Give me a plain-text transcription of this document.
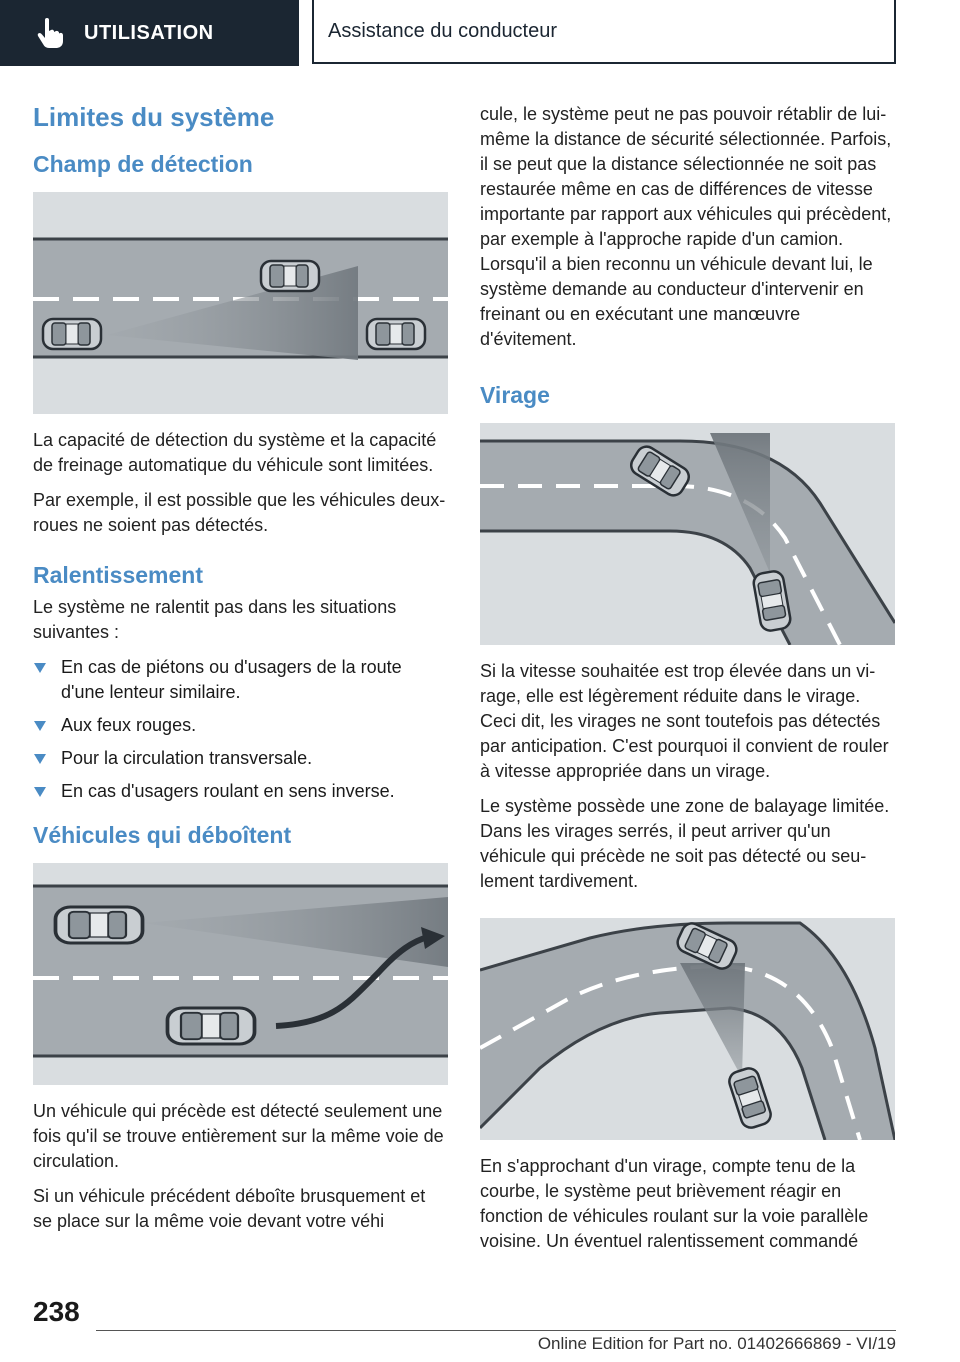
UTILISATION	Assistance du conducteur
Limites du système
Champ de détection

La capacité de détection du système et la capacité de freinage automatique du véhicule sont limitées.

Par exemple, il est possible que les véhicules deux-roues ne soient pas détectés.

Ralentissement

Le système ne ralentit pas dans les situations suivantes :

En cas de piétons ou d'usagers de la route d'une lenteur similaire.
Aux feux rouges.
Pour la circulation transversale.
En cas d'usagers roulant en sens inverse.
Véhicules qui déboîtent

Un véhicule qui précède est détecté seulement une fois qu'il se trouve entièrement sur la même voie de circulation.

Si un véhicule précédent déboîte brusquement et se place sur la même voie devant votre véhi

cule, le système peut ne pas pouvoir rétablir de lui-même la distance de sécurité sélectionnée. Parfois, il se peut que la distance sélectionnée ne soit pas restaurée même en cas de différences de vitesse importante par rapport aux véhicules qui précèdent, par exemple à l'approche rapide d'un camion. Lorsqu'il a bien reconnu un véhicule devant lui, le système demande au conducteur d'intervenir en freinant ou en exécutant une manœuvre d'évitement.

Virage

Si la vitesse souhaitée est trop élevée dans un virage, elle est légèrement réduite dans le virage. Ceci dit, les virages ne sont toutefois pas détectés par anticipation. C'est pourquoi il convient de rouler à vitesse appropriée dans un virage.

Le système possède une zone de balayage limitée. Dans les virages serrés, il peut arriver qu'un véhicule qui précède ne soit pas détecté ou seulement tardivement.

En s'approchant d'un virage, compte tenu de la courbe, le système peut brièvement réagir en fonction de véhicules roulant sur la voie parallèle voisine. Un éventuel ralentissement commandé

238
Online Edition for Part no. 01402666869 - VI/19
